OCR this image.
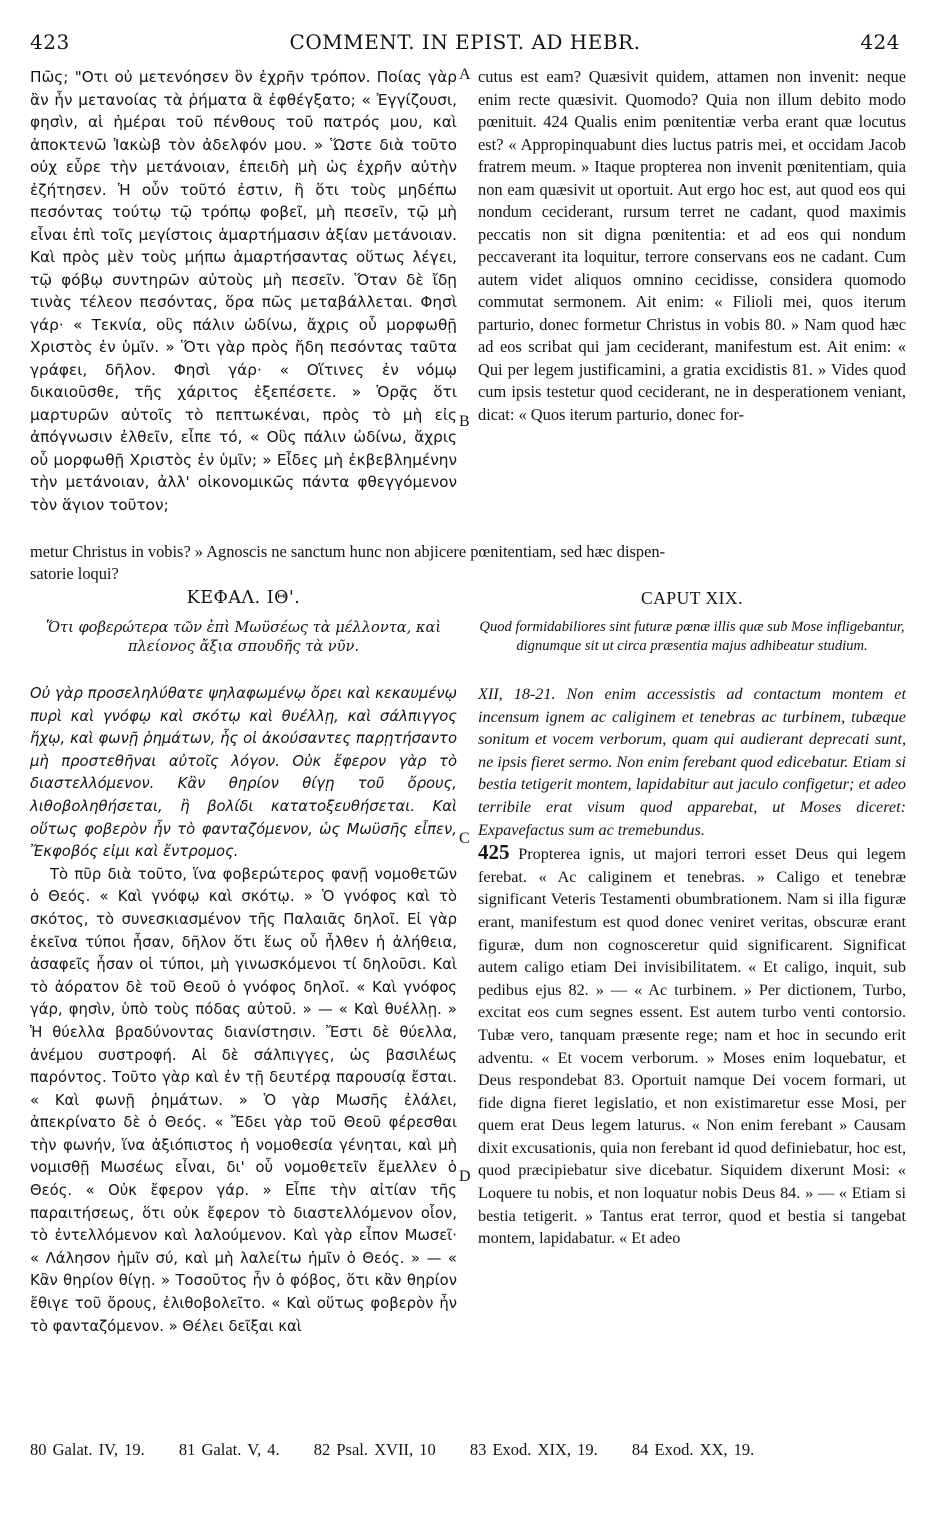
423	COMMENT. IN EPIST. AD HEBR.	424

Πῶς; "Οτι οὐ μετενόησεν ὃν ἐχρῆν τρόπον. Ποίας γὰρ ἂν ἦν μετανοίας τὰ ῥήματα ἃ ἐφθέγξατο; « Ἐγγίζουσι, φησὶν, αἱ ἡμέραι τοῦ πένθους τοῦ πατρός μου, καὶ ἀποκτενῶ Ἰακὼβ τὸν ἀδελφόν μου. » Ὥστε διὰ τοῦτο οὐχ εὗρε τὴν μετάνοιαν, ἐπειδὴ μὴ ὡς ἐχρῆν αὐτὴν ἐζήτησεν. Ἡ οὖν τοῦτό ἐστιν, ἢ ὅτι τοὺς μηδέπω πεσόντας τούτῳ τῷ τρόπῳ φοβεῖ, μὴ πεσεῖν, τῷ μὴ εἶναι ἐπὶ τοῖς μεγίστοις ἁμαρτήμασιν ἀξίαν μετάνοιαν. Καὶ πρὸς μὲν τοὺς μήπω ἁμαρτήσαντας οὕτως λέγει, τῷ φόβῳ συντηρῶν αὐτοὺς μὴ πεσεῖν. Ὅταν δὲ ἴδῃ τινὰς τέλεον πεσόντας, ὅρα πῶς μεταβάλλεται. Φησὶ γάρ· « Τεκνία, οὓς πάλιν ὠδίνω, ἄχρις οὗ μορφωθῇ Χριστὸς ἐν ὑμῖν. » Ὅτι γὰρ πρὸς ἤδη πεσόντας ταῦτα γράφει, δῆλον. Φησὶ γάρ· « Οἵτινες ἐν νόμῳ δικαιοῦσθε, τῆς χάριτος ἐξεπέσετε. » Ὁρᾷς ὅτι μαρτυρῶν αὐτοῖς τὸ πεπτωκέναι, πρὸς τὸ μὴ εἰς ἀπόγνωσιν ἐλθεῖν, εἶπε τό, « Οὓς πάλιν ὠδίνω, ἄχρις οὗ μορφωθῇ Χριστὸς ἐν ὑμῖν; » Εἶδες μὴ ἐκβεβλημένην τὴν μετάνοιαν, ἀλλ' οἰκονομικῶς πάντα φθεγγόμενον τὸν ἅγιον τοῦτον;

A
B
C
D

cutus est eam? Quæsivit quidem, attamen non invenit: neque enim recte quæsivit. Quomodo? Quia non illum debito modo pœnituit. 424 Qualis enim pœnitentiæ verba erant quæ locutus est? « Appropinquabunt dies luctus patris mei, et occidam Jacob fratrem meum. » Itaque propterea non invenit pœnitentiam, quia non eam quæsivit ut oportuit. Aut ergo hoc est, aut quod eos qui nondum ceciderant, rursum terret ne cadant, quod maximis peccatis non sit digna pœnitentia: et ad eos qui nondum peccaverant ita loquitur, terrore conservans eos ne cadant. Cum autem videt aliquos omnino cecidisse, considera quomodo commutat sermonem. Ait enim: « Filioli mei, quos iterum parturio, donec formetur Christus in vobis 80. » Nam quod hæc ad eos scribat qui jam ceciderant, manifestum est. Ait enim: « Qui per legem justificamini, a gratia excidistis 81. » Vides quod cum ipsis testetur quod ceciderant, ne in desperationem veniant, dicat: « Quos iterum parturio, donec for-

metur Christus in vobis? » Agnoscis ne sanctum hunc non abjicere pœnitentiam, sed hæc dispen-
satorie loqui?
ΚΕΦΑΛ. ΙΘ'.	CAPUT XIX.
Ὅτι φοβερώτερα τῶν ἐπὶ Μωϋσέως τὰ μέλλοντα, καὶ πλείονος ἄξια σπουδῆς τὰ νῦν.
Quod formidabiliores sint futuræ pœnæ illis quæ sub Mose infligebantur, dignumque sit ut circa præsentia majus adhibeatur studium.

Οὐ γὰρ προσεληλύθατε ψηλαφωμένῳ ὄρει καὶ κεκαυμένῳ πυρὶ καὶ γνόφῳ καὶ σκότῳ καὶ θυέλλῃ, καὶ σάλπιγγος ἤχῳ, καὶ φωνῇ ῥημάτων, ἧς οἱ ἀκούσαντες παρῃτήσαντο μὴ προστεθῆναι αὐτοῖς λόγον. Οὐκ ἔφερον γὰρ τὸ διαστελλόμενον. Κἂν θηρίον θίγῃ τοῦ ὄρους, λιθοβοληθήσεται, ἢ βολίδι κατατοξευθήσεται. Καὶ οὕτως φοβερὸν ἦν τὸ φανταζόμενον, ὡς Μωϋσῆς εἶπεν, Ἔκφοβός εἰμι καὶ ἔντρομος.

Τὸ πῦρ διὰ τοῦτο, ἵνα φοβερώτερος φανῇ νομοθετῶν ὁ Θεός. « Καὶ γνόφῳ καὶ σκότῳ. » Ὁ γνόφος καὶ τὸ σκότος, τὸ συνεσκιασμένον τῆς Παλαιᾶς δηλοῖ. Εἰ γὰρ ἐκεῖνα τύποι ἦσαν, δῆλον ὅτι ἕως οὗ ἦλθεν ἡ ἀλήθεια, ἀσαφεῖς ἦσαν οἱ τύποι, μὴ γινωσκόμενοι τί δηλοῦσι. Καὶ τὸ ἀόρατον δὲ τοῦ Θεοῦ ὁ γνόφος δηλοῖ. « Καὶ γνόφος γάρ, φησὶν, ὑπὸ τοὺς πόδας αὐτοῦ. » — « Καὶ θυέλλῃ. » Ἡ θύελλα βραδύνοντας διανίστησιν. Ἔστι δὲ θύελλα, ἀνέμου συστροφή. Αἱ δὲ σάλπιγγες, ὡς βασιλέως παρόντος. Τοῦτο γὰρ καὶ ἐν τῇ δευτέρᾳ παρουσίᾳ ἔσται. « Καὶ φωνῇ ῥημάτων. » Ὁ γὰρ Μωσῆς ἐλάλει, ἀπεκρίνατο δὲ ὁ Θεός. « Ἔδει γὰρ τοῦ Θεοῦ φέρεσθαι τὴν φωνήν, ἵνα ἀξιόπιστος ἡ νομοθεσία γένηται, καὶ μὴ νομισθῇ Μωσέως εἶναι, δι' οὗ νομοθετεῖν ἔμελλεν ὁ Θεός. « Οὐκ ἔφερον γάρ. » Εἶπε τὴν αἰτίαν τῆς παραιτήσεως, ὅτι οὐκ ἔφερον τὸ διαστελλόμενον οἷον, τὸ ἐντελλόμενον καὶ λαλούμενον. Καὶ γὰρ εἶπον Μωσεῖ· « Λάλησον ἡμῖν σύ, καὶ μὴ λαλείτω ἡμῖν ὁ Θεός. » — « Κἂν θηρίον θίγῃ. » Τοσοῦτος ἦν ὁ φόβος, ὅτι κἂν θηρίον ἔθιγε τοῦ ὄρους, ἐλιθοβολεῖτο. « Καὶ οὕτως φοβερὸν ἦν τὸ φανταζόμενον. » Θέλει δεῖξαι καὶ

XII, 18-21. Non enim accessistis ad contactum montem et incensum ignem ac caliginem et tenebras ac turbinem, tubæque sonitum et vocem verborum, quam qui audierant deprecati sunt, ne ipsis fieret sermo. Non enim ferebant quod edicebatur. Etiam si bestia tetigerit montem, lapidabitur aut jaculo configetur; et adeo terribile erat visum quod apparebat, ut Moses diceret: Expavefactus sum ac tremebundus.

425 Propterea ignis, ut majori terrori esset Deus qui legem ferebat. « Ac caliginem et tenebras. » Caligo et tenebræ significant Veteris Testamenti obumbrationem. Nam si illa figuræ erant, manifestum est quod donec veniret veritas, obscuræ erant figuræ, dum non cognosceretur quid significarent. Significat autem caligo etiam Dei invisibilitatem. « Et caligo, inquit, sub pedibus ejus 82. » — « Ac turbinem. » Per dictionem, Turbo, excitat eos cum segnes essent. Est autem turbo venti contorsio. Tubæ vero, tanquam præsente rege; nam et hoc in secundo erit adventu. « Et vocem verborum. » Moses enim loquebatur, et Deus respondebat 83. Oportuit namque Dei vocem formari, ut fide digna fieret legislatio, et non existimaretur esse Mosi, per quem erat Deus legem laturus. « Non enim ferebant » Causam dixit excusationis, quia non ferebant id quod definiebatur, hoc est, quod præcipiebatur sive dicebatur. Siquidem dixerunt Mosi: « Loquere tu nobis, et non loquatur nobis Deus 84. » — « Etiam si bestia tetigerit. » Tantus erat terror, quod et bestia si tangebat montem, lapidabatur. « Et adeo

80 Galat. IV, 19. 81 Galat. V, 4. 82 Psal. XVII, 10 83 Exod. XIX, 19. 84 Exod. XX, 19.
